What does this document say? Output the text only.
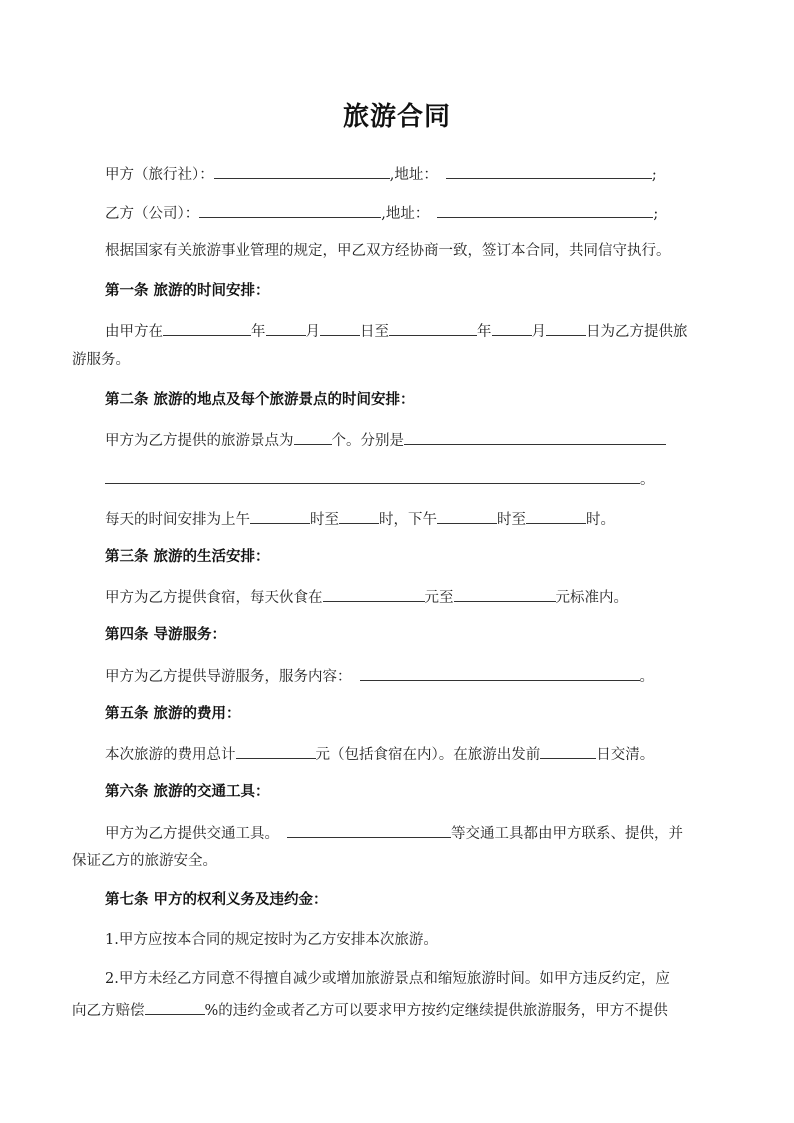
旅游合同
甲方（旅行社）：	,地址：	;
乙方（公司）：	,地址：	;
根据国家有关旅游事业管理的规定，甲乙双方经协商一致，签订本合同，共同信守执行。
第一条 旅游的时间安排：
由甲方在	年	月	日至	年	月	日为乙方提供旅
游服务。
第二条 旅游的地点及每个旅游景点的时间安排：
甲方为乙方提供的旅游景点为	个。分别是
。
每天的时间安排为上午	时至	时，下午	时至	时。
第三条 旅游的生活安排：
甲方为乙方提供食宿，每天伙食在	元至	元标准内。
第四条 导游服务：
甲方为乙方提供导游服务，服务内容：	。
第五条 旅游的费用：
本次旅游的费用总计	元（包括食宿在内）。在旅游出发前	日交清。
第六条 旅游的交通工具：
甲方为乙方提供交通工具。	等交通工具都由甲方联系、提供，并
保证乙方的旅游安全。
第七条 甲方的权利义务及违约金：
1.甲方应按本合同的规定按时为乙方安排本次旅游。
2.甲方未经乙方同意不得擅自减少或增加旅游景点和缩短旅游时间。如甲方违反约定，应
向乙方赔偿	%的违约金或者乙方可以要求甲方按约定继续提供旅游服务，甲方不提供
